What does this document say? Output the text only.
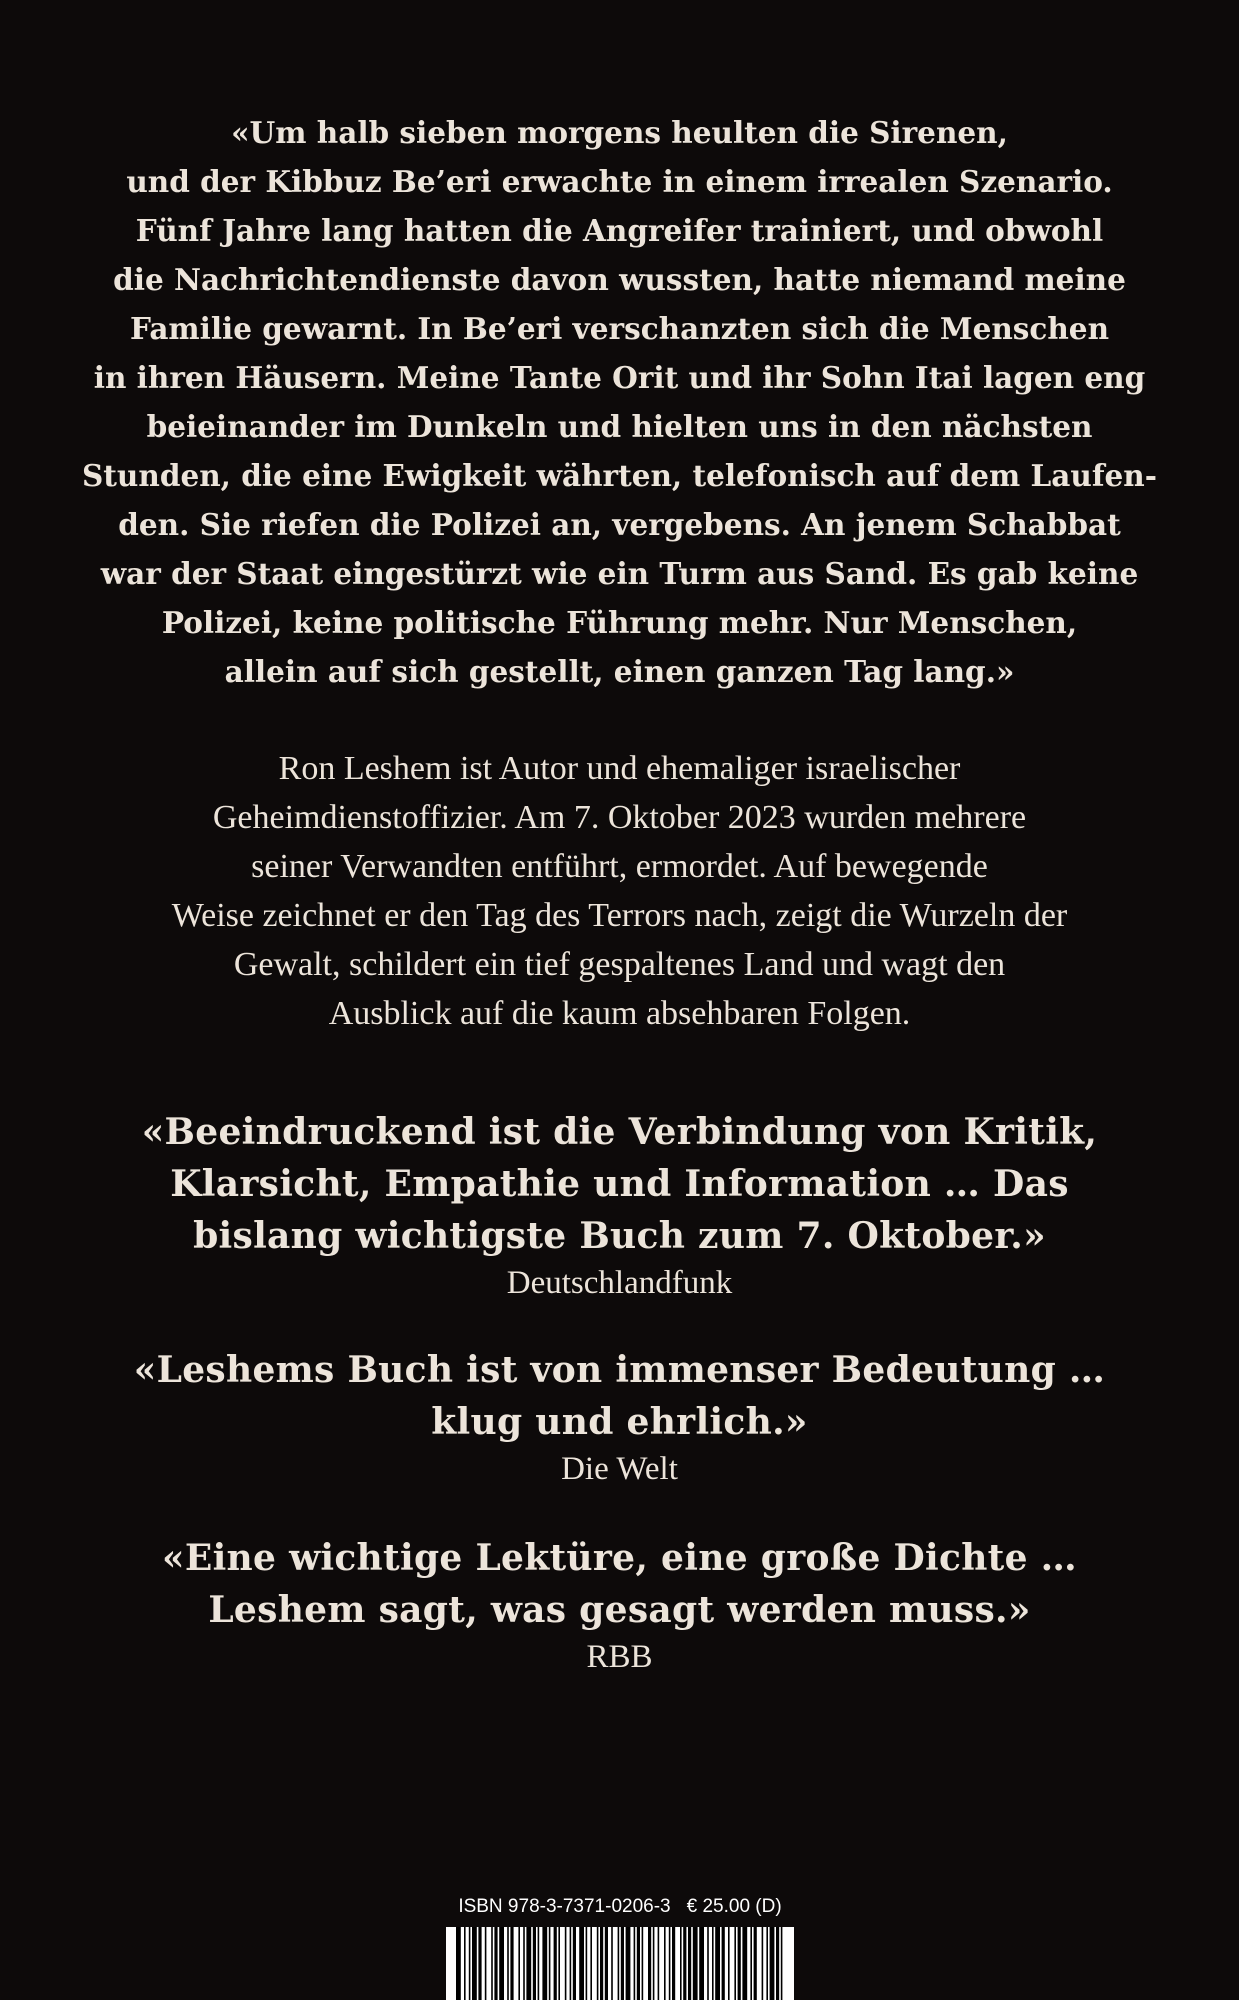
«Um halb sieben morgens heulten die Sirenen,
und der Kibbuz Be’eri erwachte in einem irrealen Szenario.
Fünf Jahre lang hatten die Angreifer trainiert, und obwohl
die Nachrichtendienste davon wussten, hatte niemand meine
Familie gewarnt. In Be’eri verschanzten sich die Menschen
in ihren Häusern. Meine Tante Orit und ihr Sohn Itai lagen eng
beieinander im Dunkeln und hielten uns in den nächsten
Stunden, die eine Ewigkeit währten, telefonisch auf dem Laufen-
den. Sie riefen die Polizei an, vergebens. An jenem Schabbat
war der Staat eingestürzt wie ein Turm aus Sand. Es gab keine
Polizei, keine politische Führung mehr. Nur Menschen,
allein auf sich gestellt, einen ganzen Tag lang.»

Ron Leshem ist Autor und ehemaliger israelischer
Geheimdienstoffizier. Am 7. Oktober 2023 wurden mehrere
seiner Verwandten entführt, ermordet. Auf bewegende
Weise zeichnet er den Tag des Terrors nach, zeigt die Wurzeln der
Gewalt, schildert ein tief gespaltenes Land und wagt den
Ausblick auf die kaum absehbaren Folgen.

«Beeindruckend ist die Verbindung von Kritik,
Klarsicht, Empathie und Information … Das
bislang wichtigste Buch zum 7. Oktober.»
Deutschlandfunk
«Leshems Buch ist von immenser Bedeutung …
klug und ehrlich.»
Die Welt
«Eine wichtige Lektüre, eine große Dichte …
Leshem sagt, was gesagt werden muss.»
RBB
ISBN 978-3-7371-0206-3 € 25.00 (D)
